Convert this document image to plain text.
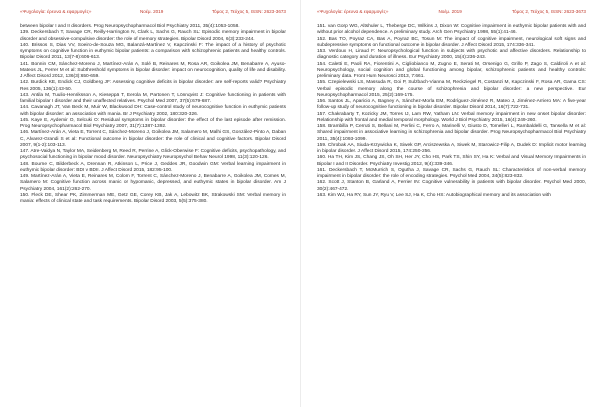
«Ψυχολογία: έρευνα & εφαρμογές»	Νοέμ. 2019	Τόμος 2, Τεύχος 5, ISSN: 2623-3673

between bipolar I and II disorders. Prog Neuropsychopharmacol Biol Psychiatry 2011, 35(4):1053-1058.

139. Deckersbach T, Savage CR, Reilly-Harrington N, Clark L, Sachs G, Rauch SL: Episodic memory impairment in bipolar disorder and obsessive-compulsive disorder: the role of memory strategies. Bipolar Disord 2004, 6(3):233-244.

140. Brissos S, Dias VV, Soeiro-de-Souza MG, Balanzá-Martínez V, Kapczinski F: The impact of a history of psychotic symptoms on cognitive function in euthymic bipolar patients: a comparison with schizophrenic patients and healthy controls. Bipolar Disord 2011, 13(7-8):606-613.

141. Bonnin CM, Sánchez-Moreno J, Martínez-Arán A, Solé B, Reinares M, Rosa AR, Goikolea JM, Benabarre A, Ayuso-Mateos JL, Ferrer M et al: Subthreshold symptoms in bipolar disorder: impact on neurocognition, quality of life and disability. J Affect Disord 2012, 136(3):650-659.

142. Burdick KE, Endick CJ, Goldberg JF: Assessing cognitive deficits in bipolar disorder: are self-reports valid? Psychiatry Res 2005, 136(1):43-50.

143. Antila M, Tuulio-Henriksson A, Kieseppä T, Eerola M, Partonen T, Lönnqvist J: Cognitive functioning in patients with familial bipolar I disorder and their unaffected relatives. Psychol Med 2007, 37(5):679-687.

144. Cavanagh JT, Van Beck M, Muir W, Blackwood DH: Case-control study of neurocognitive function in euthymic patients with bipolar disorder: an association with mania. Br J Psychiatry 2002, 180:320-326.

145. Kaye E, Aydemir O, Selcuki O: Residual symptoms in bipolar disorder: the effect of the last episode after remission. Prog Neuropsychopharmacol Biol Psychiatry 2007, 31(7):1387-1392.

146. Martínez-Arán A, Vieta E, Torrent C, Sánchez-Moreno J, Goikolea JM, Salamero M, Malhi GS, González-Pinto A, Daban C, Alvarez-Grandi S et al: Functional outcome in bipolar disorder: the role of clinical and cognitive factors. Bipolar Disord 2007, 9(1-2):103-113.

147. Atre-Vaidya N, Taylor MA, Seidenberg M, Reed R, Perrine A, Glick-Oberwise F: Cognitive deficits, psychopathology, and psychosocial functioning in bipolar mood disorder. Neuropsychiatry Neuropsychol Behav Neurol 1998, 11(3):120-126.

148. Bourne C, Bilderbeck A, Drennan R, Atkinson L, Price J, Geddes JR, Goodwin GM: Verbal learning impairment in euthymic bipolar disorder: BDI v BDII. J Affect Disord 2015, 182:95-100.

149. Martínez-Arán A, Vieta E, Reinares M, Colom F, Torrent C, Sánchez-Moreno J, Benabarre A, Goikolea JM, Comes M, Salamero M: Cognitive function across manic or hypomanic, depressed, and euthymic states in bipolar disorder. Am J Psychiatry 2004, 161(2):262-270.

150. Fleck DE, Shear PK, Zimmerman ME, Getz GE, Corey KB, Jak A, Lebowitz BK, Strakowski SM: Verbal memory in mania: effects of clinical state and task requirements. Bipolar Disord 2003, 5(5):375-380.

«Ψυχολογία: έρευνα & εφαρμογές»	Νοέμ. 2019	Τόμος 2, Τεύχος 5, ISSN: 2623-3673

151. van Gorp WG, Altshuler L, Theberge DC, Wilkins J, Dixon W: Cognitive impairment in euthymic bipolar patients with and without prior alcohol dependence. A preliminary study. Arch Gen Psychiatry 1998, 55(1):41-46.

152. Bas TO, Poyraz CA, Bas A, Poyraz BC, Tosun M: The impact of cognitive impairment, neurological soft signs and subdepressive symptoms on functional outcome in bipolar disorder. J Affect Disord 2015, 174:336-341.

153. Verdoux H, Liraud F: Neuropsychological function in subjects with psychotic and affective disorders. Relationship to diagnostic category and duration of illness. Eur Psychiatry 2000, 15(4):236-243.

154. Caletti E, Paoli RA, Fiorentini A, Cigliobianco M, Zugno E, Serati M, Orsenigo G, Grillo P, Zago S, Caldiroli A et al: Neuropsychology, social cognition and global functioning among bipolar, schizophrenic patients and healthy controls: preliminary data. Front Hum Neurosci 2013, 7:661.

155. Czepielewski LS, Massuda R, Goi P, Sulzbach-Vianna M, Reckziegel R, Costanzi M, Kapczinski F, Rosa AR, Gama CS: Verbal episodic memory along the course of schizophrenia and bipolar disorder: a new perspective. Eur Neuropsychopharmacol 2015, 25(2):169-175.

156. Santos JL, Aparicio A, Bagney A, Sánchez-Morla EM, Rodríguez-Jiménez R, Mateo J, Jiménez-Arriero MA: A five-year follow-up study of neurocognitive functioning in bipolar disorder. Bipolar Disord 2014, 16(7):722-731.

157. Chakrabarty T, Kozicky JM, Torres IJ, Lam RW, Yatham LN: Verbal memory impairment in new onset bipolar disorder: Relationship with frontal and medial temporal morphology. World J Biol Psychiatry 2015, 16(4):249-260.

158. Brambilla P, Cerruti S, Bellani M, Perlini C, Ferro A, Marinelli V, Giusto D, Tomelleri L, Rambaldelli G, Tansella M et al: Shared impairment in associative learning in schizophrenia and bipolar disorder. Prog Neuropsychopharmacol Biol Psychiatry 2011, 35(4):1093-1099.

159. Chrobak AA, Siuda-Krzywicka K, Siwek GP, Arciszewska A, Siwek M, Starowicz-Filip A, Dudek D: Implicit motor learning in bipolar disorder. J Affect Disord 2015, 174:250-256.

160. Ha TH, Kim JS, Chang JS, Oh SH, Her JY, Cho HS, Park TS, Shin SY, Ha K: Verbal and Visual Memory Impairments in Bipolar I and II Disorder. Psychiatry Investig 2012, 9(4):339-346.

161. Deckersbach T, McMurrich S, Ogutha J, Savage CR, Sachs G, Rauch SL: Characteristics of non-verbal memory impairment in bipolar disorder: the role of encoding strategies. Psychol Med 2004, 34(5):823-832.

162. Scott J, Stanton B, Garland A, Ferrier IN: Cognitive vulnerability in patients with bipolar disorder. Psychol Med 2000, 30(2):467-472.

163. Kim WJ, Ha RY, Sun JY, Ryu V, Lee SJ, Ha K, Cho HS: Autobiographical memory and its association with
